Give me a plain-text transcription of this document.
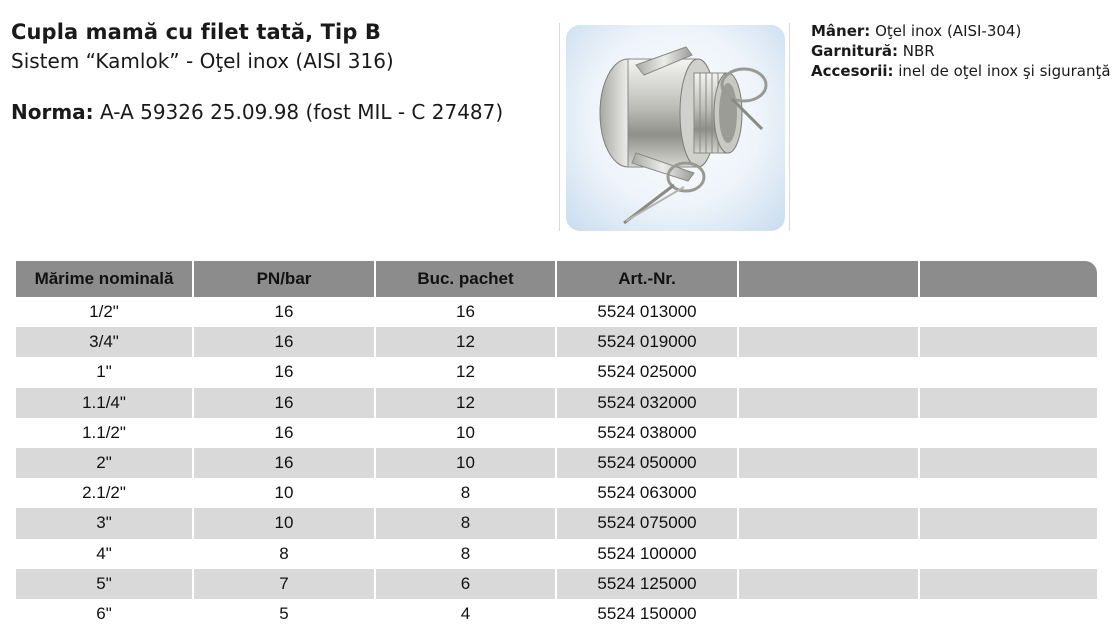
Cupla mamă cu filet tată, Tip B
Sistem “Kamlok” - Oţel inox (AISI 316)
Norma: A-A 59326 25.09.98 (fost MIL - C 27487)
Mâner: Oţel inox (AISI-304)
Garnitură: NBR
Accesorii: inel de oţel inox şi siguranţă
Mărime nominală	PN/bar	Buc. pachet	Art.-Nr.		
1/2"	16	16	5524 013000		
3/4"	16	12	5524 019000		
1"	16	12	5524 025000		
1.1/4"	16	12	5524 032000		
1.1/2"	16	10	5524 038000		
2"	16	10	5524 050000		
2.1/2"	10	8	5524 063000		
3"	10	8	5524 075000		
4"	8	8	5524 100000		
5"	7	6	5524 125000		
6"	5	4	5524 150000		
